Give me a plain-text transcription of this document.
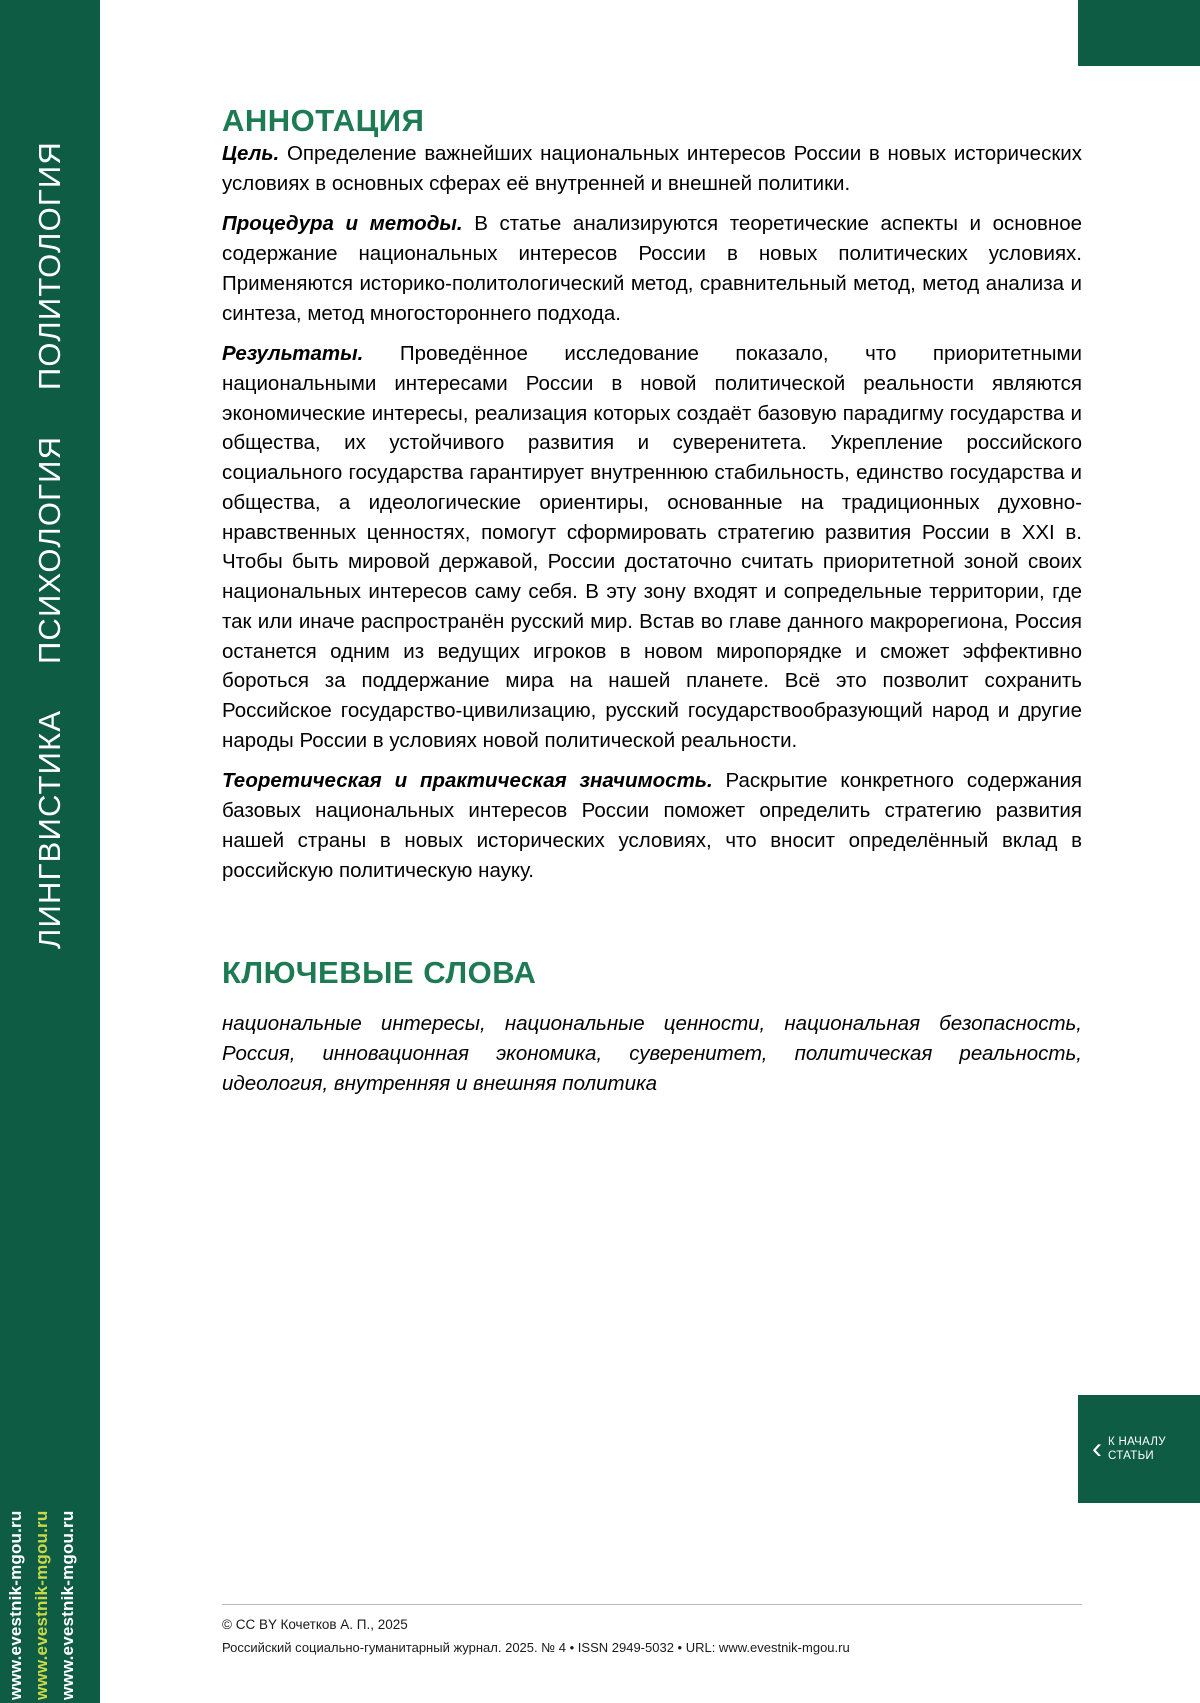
ЛИНГВИСТИКА  ПСИХОЛОГИЯ  ПОЛИТОЛОГИЯ
www.evestnik-mgou.ru www.evestnik-mgou.ru www.evestnik-mgou.ru
АННОТАЦИЯ

Цель. Определение важнейших национальных интересов России в новых исторических условиях в основных сферах её внутренней и внешней политики.

Процедура и методы. В статье анализируются теоретические аспекты и основное содержание национальных интересов России в новых политических условиях. Применяются историко-политологический метод, сравнительный метод, метод анализа и синтеза, метод многостороннего подхода.

Результаты. Проведённое исследование показало, что приоритетными национальными интересами России в новой политической реальности являются экономические интересы, реализация которых создаёт базовую парадигму государства и общества, их устойчивого развития и суверенитета. Укрепление российского социального государства гарантирует внутреннюю стабильность, единство государства и общества, а идеологические ориентиры, основанные на традиционных духовно-нравственных ценностях, помогут сформировать стратегию развития России в XXI в. Чтобы быть мировой державой, России достаточно считать приоритетной зоной своих национальных интересов саму себя. В эту зону входят и сопредельные территории, где так или иначе распространён русский мир. Встав во главе данного макрорегиона, Россия останется одним из ведущих игроков в новом миропорядке и сможет эффективно бороться за поддержание мира на нашей планете. Всё это позволит сохранить Российское государство-цивилизацию, русский государствообразующий народ и другие народы России в условиях новой политической реальности.

Теоретическая и практическая значимость. Раскрытие конкретного содержания базовых национальных интересов России поможет определить стратегию развития нашей страны в новых исторических условиях, что вносит определённый вклад в российскую политическую науку.

КЛЮЧЕВЫЕ СЛОВА

национальные интересы, национальные ценности, национальная безопасность, Россия, инновационная экономика, суверенитет, политическая реальность, идеология, внутренняя и внешняя политика

‹ К НАЧАЛУ
СТАТЬИ

© CC BY Кочетков А. П., 2025

Российский социально-гуманитарный журнал. 2025. № 4 • ISSN 2949-5032 • URL: www.evestnik-mgou.ru
